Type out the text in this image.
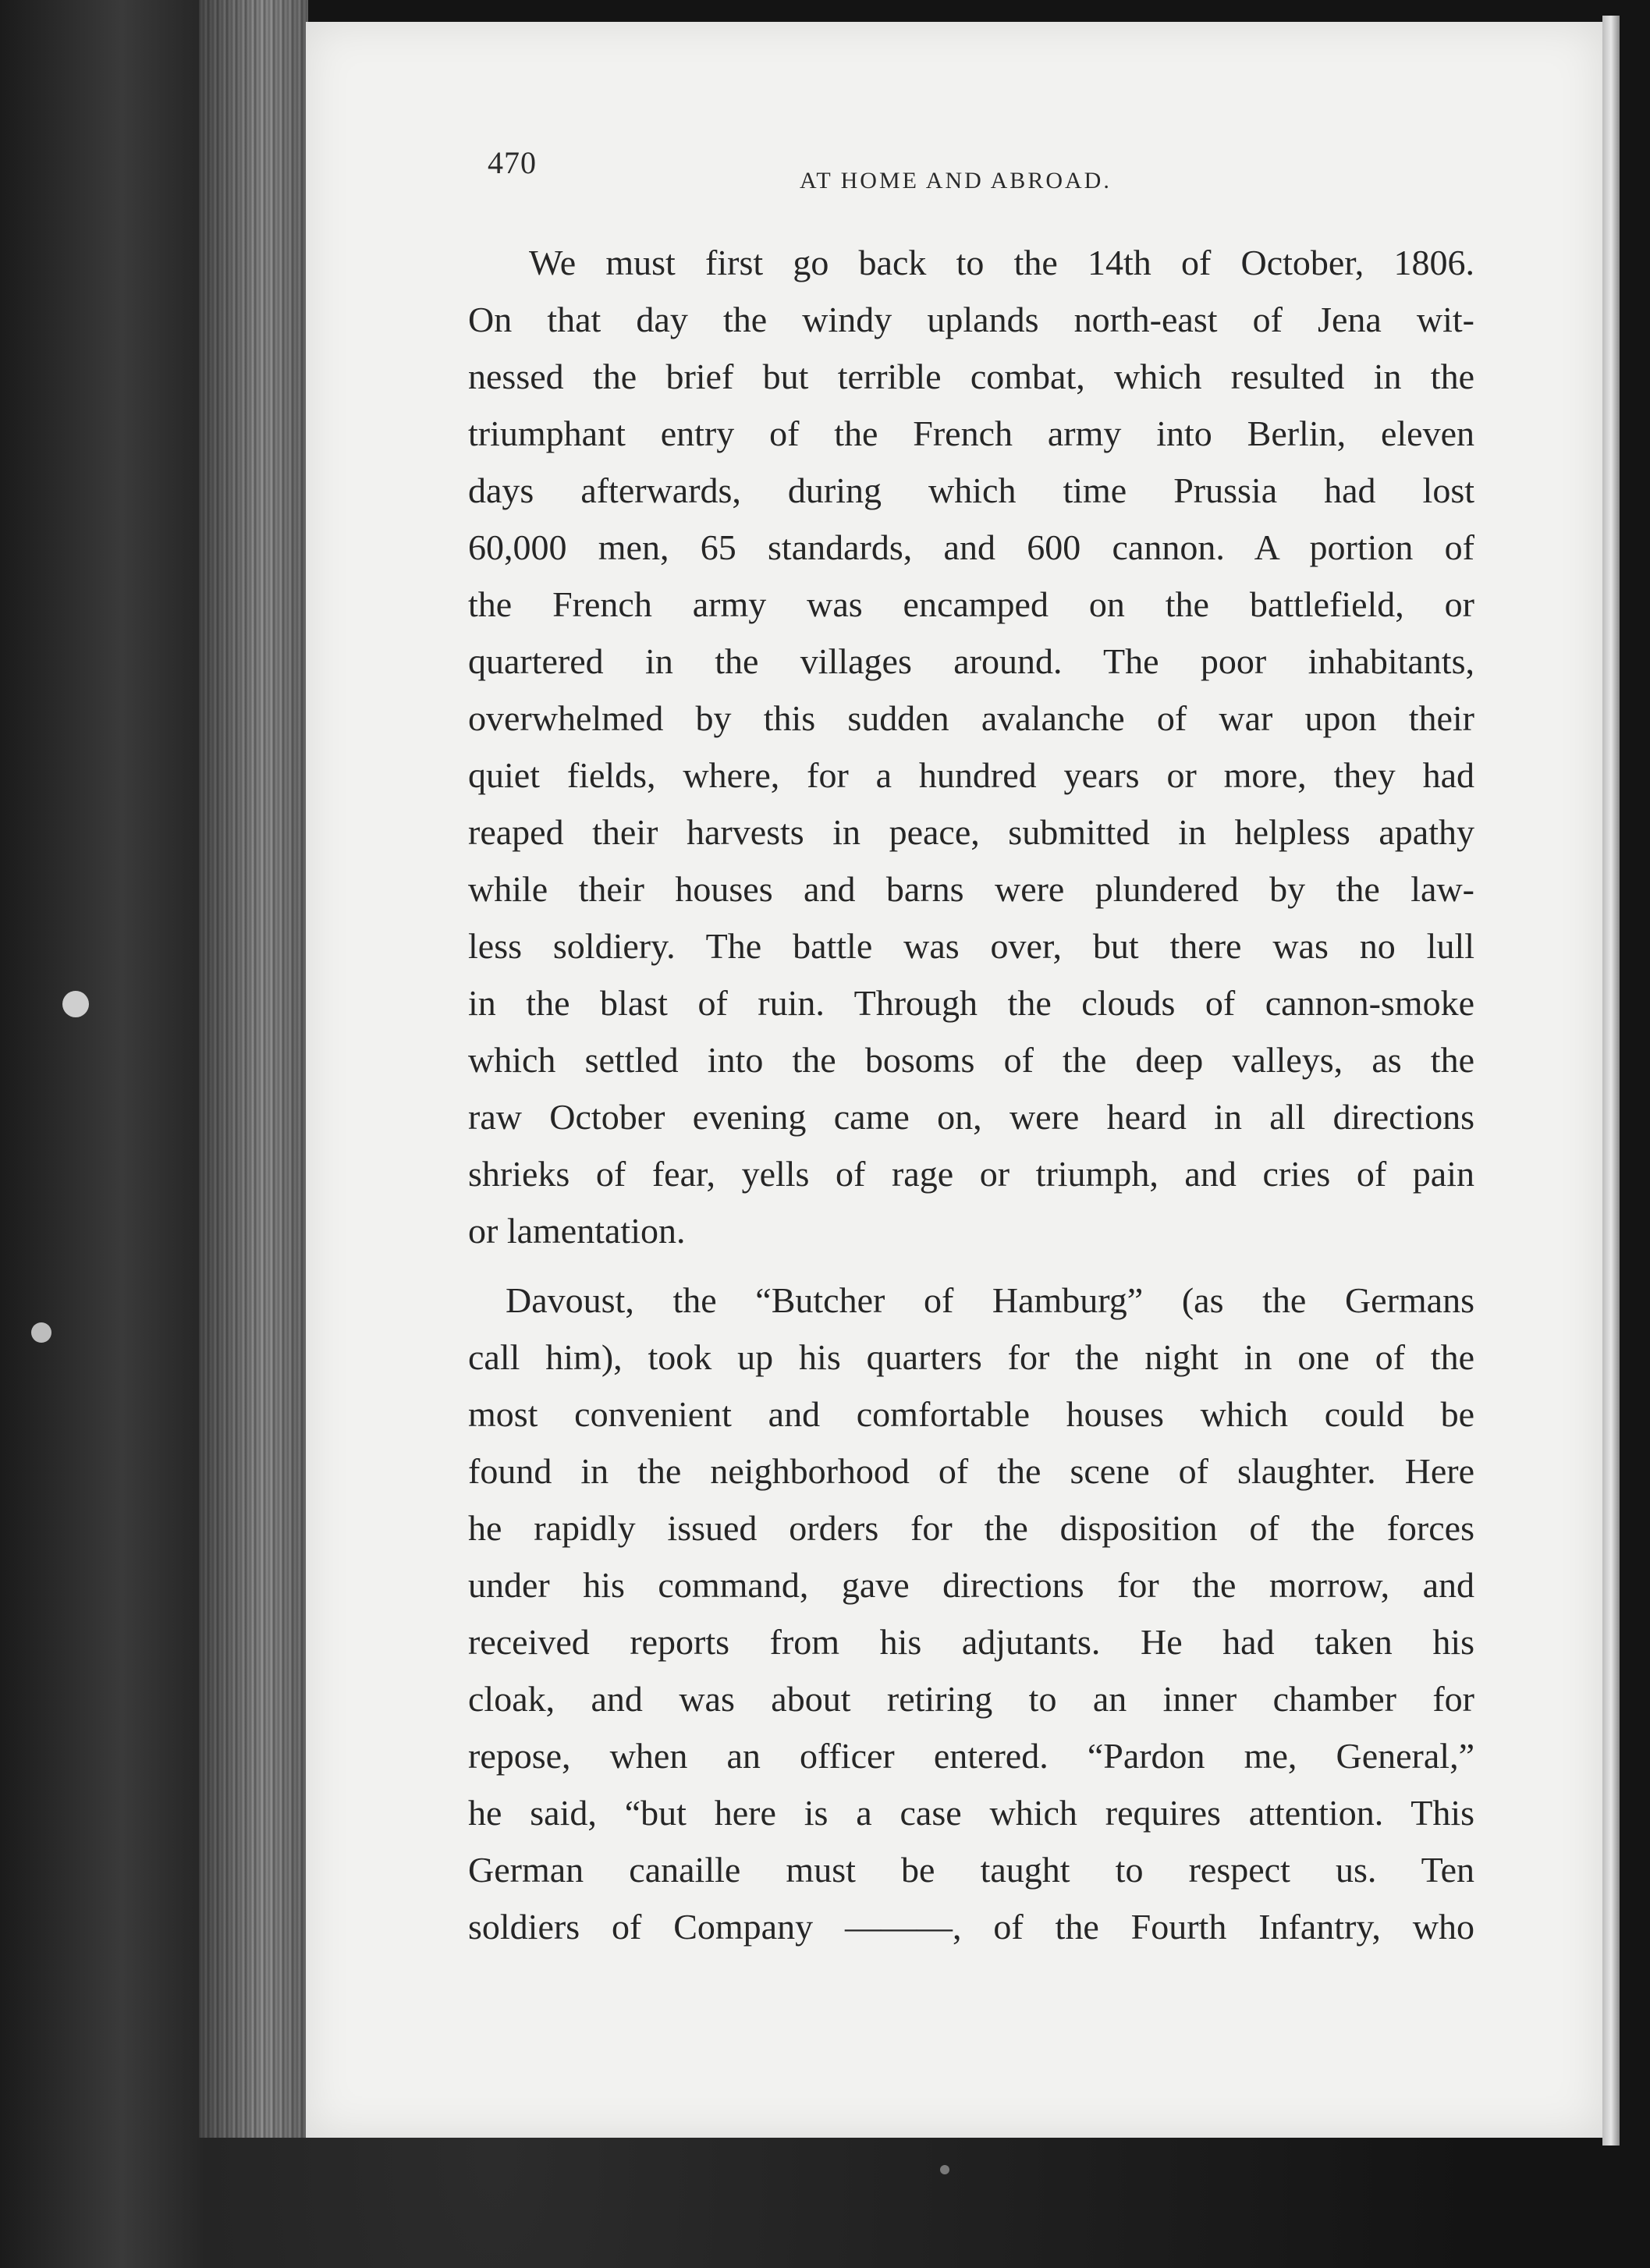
470
AT HOME AND ABROAD.
We must first go back to the 14th of October, 1806.
On that day the windy uplands north-east of Jena wit-
nessed the brief but terrible combat, which resulted in the
triumphant entry of the French army into Berlin, eleven
days afterwards, during which time Prussia had lost
60,000 men, 65 standards, and 600 cannon. A portion of
the French army was encamped on the battlefield, or
quartered in the villages around. The poor inhabitants,
overwhelmed by this sudden avalanche of war upon their
quiet fields, where, for a hundred years or more, they had
reaped their harvests in peace, submitted in helpless apathy
while their houses and barns were plundered by the law-
less soldiery. The battle was over, but there was no lull
in the blast of ruin. Through the clouds of cannon-smoke
which settled into the bosoms of the deep valleys, as the
raw October evening came on, were heard in all directions
shrieks of fear, yells of rage or triumph, and cries of pain
or lamentation.
Davoust, the “Butcher of Hamburg” (as the Germans
call him), took up his quarters for the night in one of the
most convenient and comfortable houses which could be
found in the neighborhood of the scene of slaughter. Here
he rapidly issued orders for the disposition of the forces
under his command, gave directions for the morrow, and
received reports from his adjutants. He had taken his
cloak, and was about retiring to an inner chamber for
repose, when an officer entered. “Pardon me, General,”
he said, “but here is a case which requires attention. This
German canaille must be taught to respect us. Ten
soldiers of Company ———, of the Fourth Infantry, who
